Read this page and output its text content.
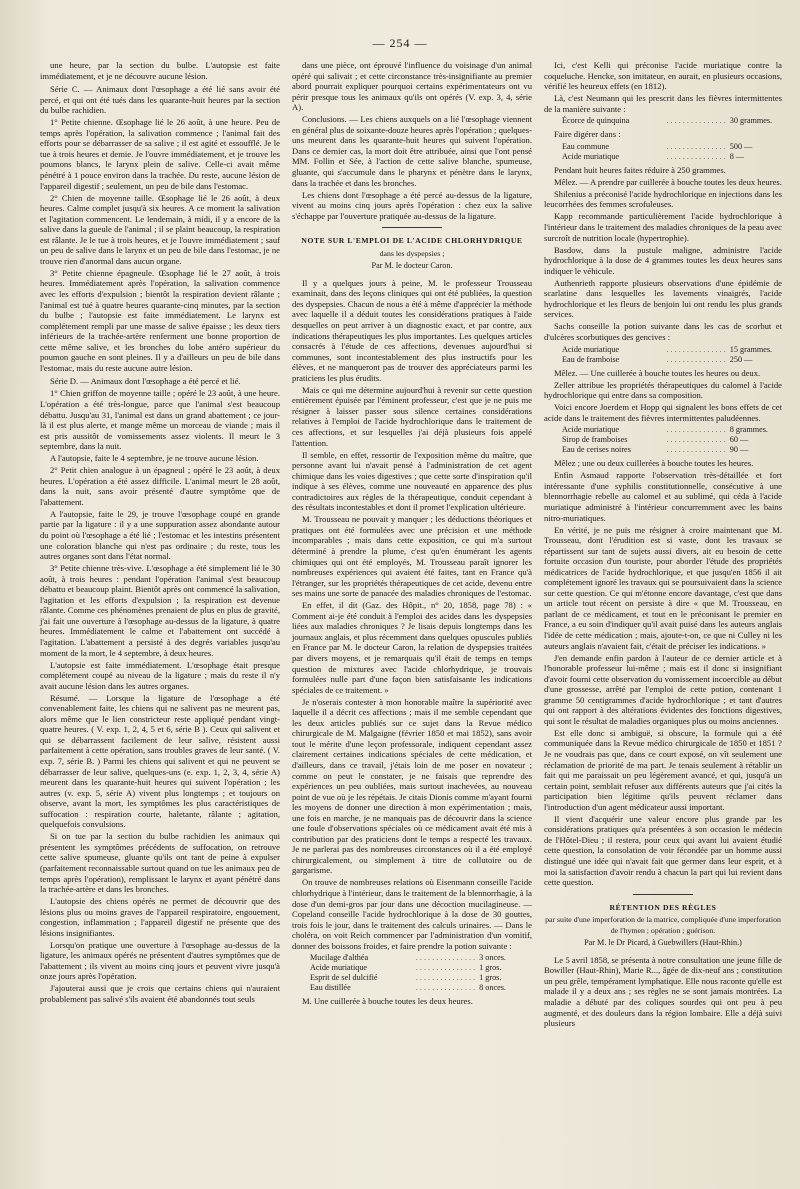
— 254 —

une heure, par la section du bulbe. L'autopsie est faite immédiatement, et je ne découvre aucune lésion.

Série C. — Animaux dont l'œsophage a été lié sans avoir été percé, et qui ont été tués dans les quarante-huit heures par la section du bulbe rachidien.

1° Petite chienne. Œsophage lié le 26 août, à une heure. Peu de temps après l'opération, la salivation commence ; l'animal fait des efforts pour se débarrasser de sa salive ; il est agité et essoufflé. Je le tue à trois heures et demie. Je l'ouvre immédiatement, et je trouve les poumons blancs, le larynx plein de salive. Celle-ci avait même pénétré à 1 pouce environ dans la trachée. Du reste, aucune lésion de l'appareil digestif ; seulement, un peu de bile dans l'estomac.

2° Chien de moyenne taille. Œsophage lié le 26 août, à deux heures. Calme complet jusqu'à six heures. A ce moment la salivation et l'agitation commencent. Le lendemain, à midi, il y a encore de la salive dans la gueule de l'animal ; il se plaint beaucoup, la respiration est râlante. Je le tue à trois heures, et je l'ouvre immédiatement ; sauf un peu de salive dans le larynx et un peu de bile dans l'estomac, je ne trouve rien d'anormal dans aucun organe.

3° Petite chienne épagneule. Œsophage lié le 27 août, à trois heures. Immédiatement après l'opération, la salivation commence avec les efforts d'expulsion ; bientôt la respiration devient râlante ; l'animal est tué à quatre heures quarante-cinq minutes, par la section du bulbe ; l'autopsie est faite immédiatement. Le larynx est complétement rempli par une masse de salive épaisse ; les deux tiers inférieurs de la trachée-artère renferment une bonne proportion de cette même salive, et les bronches du lobe antéro supérieur du poumon gauche en sont pleines. Il y a d'ailleurs un peu de bile dans l'estomac, mais du reste aucune autre lésion.

Série D. — Animaux dont l'œsophage a été percé et lié.

1° Chien griffon de moyenne taille ; opéré le 23 août, à une heure. L'opération a été très-longue, parce que l'animal s'est beaucoup débattu. Jusqu'au 31, l'animal est dans un grand abattement ; ce jour-là il est plus alerte, et mange même un morceau de viande ; mais il est pris aussitôt de vomissements assez violents. Il meurt le 3 septembre, dans la nuit.

A l'autopsie, faite le 4 septembre, je ne trouve aucune lésion.

2° Petit chien analogue à un épagneul ; opéré le 23 août, à deux heures. L'opération a été assez difficile. L'animal meurt le 28 août, dans la nuit, sans avoir présenté d'autre symptôme que de l'abattement.

A l'autopsie, faite le 29, je trouve l'œsophage coupé en grande partie par la ligature : il y a une suppuration assez abondante autour du point où l'œsophage a été lié ; l'estomac et les intestins présentent une coloration blanche qui n'est pas ordinaire ; du reste, tous les autres organes sont dans l'état normal.

3° Petite chienne très-vive. L'œsophage a été simplement lié le 30 août, à trois heures : pendant l'opération l'animal s'est beaucoup débattu et beaucoup plaint. Bientôt après ont commencé la salivation, l'agitation et les efforts d'expulsion ; la respiration est devenue râlante. Comme ces phénomènes prenaient de plus en plus de gravité, j'ai fait une ouverture à l'œsophage au-dessus de la ligature, à quatre heures. Immédiatement le calme et l'abattement ont succédé à l'agitation. L'abattement a persisté à des degrés variables jusqu'au moment de la mort, le 4 septembre, à deux heures.

L'autopsie est faite immédiatement. L'œsophage était presque complétement coupé au niveau de la ligature ; mais du reste il n'y avait aucune lésion dans les autres organes.

Résumé. — Lorsque la ligature de l'œsophage a été convenablement faite, les chiens qui ne salivent pas ne meurent pas, alors même que le lien constricteur reste appliqué pendant vingt-quatre heures. ( V. exp. 1, 2, 4, 5 et 6, série B ). Ceux qui salivent et qui se débarrassent facilement de leur salive, résistent aussi parfaitement à cette opération, sans troubles graves de leur santé. ( V. exp. 7, série B. ) Parmi les chiens qui salivent et qui ne peuvent se débarrasser de leur salive, quelques-uns (e. exp. 1, 2, 3, 4, série A) meurent dans les quarante-huit heures qui suivent l'opération ; les autres (v. exp. 5, série A) vivent plus longtemps ; et toujours on observe, avant la mort, les symptômes les plus caractéristiques de suffocation : respiration courte, haletante, râlante ; agitation, quelquefois convulsions.

Si on tue par la section du bulbe rachidien les animaux qui présentent les symptômes précédents de suffocation, on retrouve cette salive spumeuse, gluante qu'ils ont tant de peine à expulser (parfaitement reconnaissable surtout quand on tue les animaux peu de temps après l'opération), remplissant le larynx et ayant pénétré dans la trachée-artère et dans les bronches.

L'autopsie des chiens opérés ne permet de découvrir que des lésions plus ou moins graves de l'appareil respiratoire, engouement, congestion, inflammation ; l'appareil digestif ne présente que des lésions insignifiantes.

Lorsqu'on pratique une ouverture à l'œsophage au-dessus de la ligature, les animaux opérés ne présentent d'autres symptômes que de l'abattement ; ils vivent au moins cinq jours et peuvent vivre jusqu'à onze jours après l'opération.

J'ajouterai aussi que je crois que certains chiens qui n'auraient probablement pas salivé s'ils avaient été abandonnés tout seuls

dans une pièce, ont éprouvé l'influence du voisinage d'un animal opéré qui salivait ; et cette circonstance très-insignifiante au premier abord pourrait expliquer pourquoi certains expérimentateurs ont vu périr presque tous les animaux qu'ils ont opérés (V. exp. 3, 4, série A).

Conclusions. — Les chiens auxquels on a lié l'œsophage viennent en général plus de soixante-douze heures après l'opération ; quelques-uns meurent dans les quarante-huit heures qui suivent l'opération. Dans ce dernier cas, la mort doit être attribuée, ainsi que l'ont pensé MM. Follin et Sée, à l'action de cette salive blanche, spumeuse, gluante, qui s'accumule dans le pharynx et pénètre dans le larynx, dans la trachée et dans les bronches.

Les chiens dont l'œsophage a été percé au-dessus de la ligature, vivent au moins cinq jours après l'opération : chez eux la salive s'échappe par l'ouverture pratiquée au-dessus de la ligature.

NOTE SUR L'EMPLOI DE L'ACIDE CHLORHYDRIQUE
dans les dyspepsies ;
Par M. le docteur Caron.

Il y a quelques jours à peine, M. le professeur Trousseau examinait, dans des leçons cliniques qui ont été publiées, la question des dyspepsies. Chacun de nous a été à même d'apprécier la méthode avec laquelle il a déduit toutes les considérations pratiques à l'aide desquelles on peut arriver à un diagnostic exact, et par contre, aux indications thérapeutiques les plus importantes. Les quelques articles consacrés à l'étude de ces affections, devenues aujourd'hui si communes, sont incontestablement des plus instructifs pour les élèves, et ne manqueront pas de trouver des appréciateurs parmi les praticiens les plus érudits.

Mais ce qui me détermine aujourd'hui à revenir sur cette question entièrement épuisée par l'éminent professeur, c'est que je ne puis me résigner à laisser passer sous silence certaines considérations relatives à l'emploi de l'acide hydrochlorique dans le traitement de ces affections, et sur lesquelles j'ai déjà plusieurs fois appelé l'attention.

Il semble, en effet, ressortir de l'exposition même du maître, que personne avant lui n'avait pensé à l'administration de cet agent chimique dans les voies digestives ; que cette sorte d'inspiration qu'il indique à ses élèves, comme une nouveauté en apparence des plus contradictoires aux règles de la thérapeutique, conduit cependant à des résultats incontestables et dont il promet l'explication ultérieure.

M. Trousseau ne pouvait y manquer ; les déductions théoriques et pratiques ont été formulées avec une précision et une méthode incomparables ; mais dans cette exposition, ce qui m'a surtout déterminé à prendre la plume, c'est qu'en énumérant les agents chimiques qui ont été employés, M. Trousseau paraît ignorer les nombreuses expériences qui avaient été faites, tant en France qu'à l'étranger, sur les propriétés thérapeutiques de cet acide, devenu entre ses mains une sorte de panacée des maladies chroniques de l'estomac.

En effet, il dit (Gaz. des Hôpit., n° 20, 1858, page 78) : « Comment ai-je été conduit à l'emploi des acides dans les dyspepsies liées aux maladies chroniques ? Je lisais depuis longtemps dans les journaux anglais, et plus récemment dans quelques opuscules publiés en France par M. le docteur Caron, la relation de dyspepsies traitées par divers moyens, et je remarquais qu'il était de temps en temps question de mixtures avec l'acide chlorhydrique, je trouvais formulées nulle part d'une façon bien satisfaisante les indications spéciales de ce traitement. »

Je n'oserais contester à mon honorable maître la supériorité avec laquelle il a décrit ces affections ; mais il me semble cependant que les deux articles publiés sur ce sujet dans la Revue médico chirurgicale de M. Malgaigne (février 1850 et mai 1852), sans avoir tout le mérite d'une leçon professorale, indiquent cependant assez clairement certaines indications spéciales de cette médication, et d'ailleurs, dans ce travail, j'étais loin de me poser en novateur ; comme on peut le constater, je ne faisais que reprendre des expériences un peu oubliées, mais surtout inachevées, au nouveau point de vue où je les répétais. Je citais Dionis comme m'ayant fourni les moyens de donner une direction à mon expérimentation ; mais, une fois en marche, je ne manquais pas de découvrir dans la science une foule d'observations spéciales où ce médicament avait été mis à contribution par des praticiens dont le temps a respecté les travaux. Je ne parlerai pas des nombreuses circonstances où il a été employé chirurgicalement, ou simplement à titre de collutoire ou de gargarisme.

On trouve de nombreuses relations où Eisenmann conseille l'acide chlorhydrique à l'intérieur, dans le traitement de la blennorrhagie, à la dose d'un demi-gros par jour dans une décoction mucilagineuse. — Copeland conseille l'acide hydrochlorique à la dose de 30 gouttes, trois fois le jour, dans le traitement des calculs urinaires. — Dans le choléra, on voit Reich commencer par l'administration d'un vomitif, donner des boissons froides, et faire prendre la potion suivante :

Mucilage d'althéa	. . . . . . . . . . . . . . . 3 onces.
Acide muriatique	. . . . . . . . . . . . . . . 1 gros.
Esprit de sel dulcifié	. . . . . . . . . . . . . . . 1 gros.
Eau distillée	. . . . . . . . . . . . . . . 8 onces.

M. Une cuillerée à bouche toutes les deux heures.

Ici, c'est Kelli qui préconise l'acide muriatique contre la coqueluche. Hencke, son imitateur, en aurait, en plusieurs occasions, vérifié les heureux effets (en 1812).

Là, c'est Neumann qui les prescrit dans les fièvres intermittentes de la manière suivante :

Écorce de quinquina	. . . . . . . . . . . . . . . 30 grammes.

Faire digérer dans :

Eau commune	. . . . . . . . . . . . . . . 500 —
Acide muriatique	. . . . . . . . . . . . . . . 8 —

Pendant huit heures faites réduire à 250 grammes.

Mêlez. — A prendre par cuillerée à bouche toutes les deux heures.

Shilenius a préconisé l'acide hydrochlorique en injections dans les leucorrhées des femmes scrofuleuses.

Kapp recommande particulièrement l'acide hydrochlorique à l'intérieur dans le traitement des maladies chroniques de la peau avec surcroît de nutrition locale (hypertrophie).

Basdow, dans la pustule maligne, administre l'acide hydrochlorique à la dose de 4 grammes toutes les deux heures sans indiquer le véhicule.

Authenrieth rapporte plusieurs observations d'une épidémie de scarlatine dans lesquelles les lavements vinaigrés, l'acide hydrochlorique et les fleurs de benjoin lui ont rendu les plus grands services.

Sachs conseille la potion suivante dans les cas de scorbut et d'ulcères scorbutiques des gencives :

Acide muriatique	. . . . . . . . . . . . . . . 15 grammes.
Eau de framboise	. . . . . . . . . . . . . . . 250 —

Mêlez. — Une cuillerée à bouche toutes les heures ou deux.

Zeller attribue les propriétés thérapeutiques du calomel à l'acide hydrochlorique qui entre dans sa composition.

Voici encore Joerdem et Hopp qui signalent les bons effets de cet acide dans le traitement des fièvres intermittentes paludéennes.

Acide muriatique	. . . . . . . . . . . . . . . 8 grammes.
Sirop de framboises	. . . . . . . . . . . . . . . 60 —
Eau de cerises noires	. . . . . . . . . . . . . . . 90 —

Mêlez ; une ou deux cuillerées à bouche toutes les heures.

Enfin Asmaud rapporte l'observation très-détaillée et fort intéressante d'une syphilis constitutionnelle, consécutive à une blennorrhagie rebelle au calomel et au sublimé, qui céda à l'acide muriatique administré à l'intérieur concurremment avec les bains nitro-muriatiques.

En vérité, je ne puis me résigner à croire maintenant que M. Trousseau, dont l'érudition est si vaste, dont les travaux se répartissent sur tant de sujets aussi divers, ait eu besoin de cette fortuite occasion d'un touriste, pour aborder l'étude des propriétés médicatrices de l'acide hydrochlorique, et que jusqu'en 1856 il ait complétement ignoré les travaux qui se poursuivaient dans la science sur cette question. Ce qui m'étonne encore davantage, c'est que dans un article tout récent on persiste à dire « que M. Trousseau, en parlant de ce médicament, et tout en le préconisant le premier en France, a eu soin d'indiquer qu'il avait puisé dans les auteurs anglais l'idée de cette médication ; mais, ajoute-t-on, ce que ni Culley ni les auteurs anglais n'avaient fait, c'était de préciser les indications. »

J'en demande enfin pardon à l'auteur de ce dernier article et à l'honorable professeur lui-même ; mais est il donc si insignifiant d'avoir fourni cette observation du vomissement incoercible au début d'une grossesse, arrêté par l'emploi de cette potion, contenant 1 gramme 50 centigrammes d'acide hydrochlorique ; et tant d'autres qui ont rapport à des altérations évidentes des fonctions digestives, qui sont le résultat de maladies organiques plus ou moins anciennes.

Est elle donc si ambiguë, si obscure, la formule qui a été communiquée dans la Revue médico chirurgicale de 1850 et 1851 ? Je ne voudrais pas que, dans ce court exposé, on vît seulement une réclamation de priorité de ma part. Je tenais seulement à rétablir un fait qui me paraissait un peu légèrement avancé, et qui, jusqu'à un certain point, semblait refuser aux différents auteurs que j'ai cités la participation bien légitime qu'ils peuvent réclamer dans l'introduction d'un agent médicateur aussi important.

Il vient d'acquérir une valeur encore plus grande par les considérations pratiques qu'a présentées à son occasion le médecin de l'Hôtel-Dieu ; il restera, pour ceux qui avant lui avaient étudié cette question, la consolation de voir fécondée par un homme aussi distingué une idée qui n'avait fait que germer dans leur esprit, et à moi la satisfaction d'avoir rendu à chacun la part qui lui revient dans cette question.

RÉTENTION DES RÈGLES
par suite d'une imperforation de la matrice, compliquée d'une imperforation de l'hymen ; opération ; guérison.
Par M. le Dr Picard, à Guebwillers (Haut-Rhin.)

Le 5 avril 1858, se présenta à notre consultation une jeune fille de Bowiller (Haut-Rhin), Marie R..., âgée de dix-neuf ans ; constitution un peu grêle, tempérament lymphatique. Elle nous raconte qu'elle est malade il y a deux ans ; ses règles ne se sont jamais montrées. La maladie a débuté par des coliques sourdes qui ont peu à peu augmenté, et des douleurs dans la région lombaire. Elle a déjà suivi plusieurs
